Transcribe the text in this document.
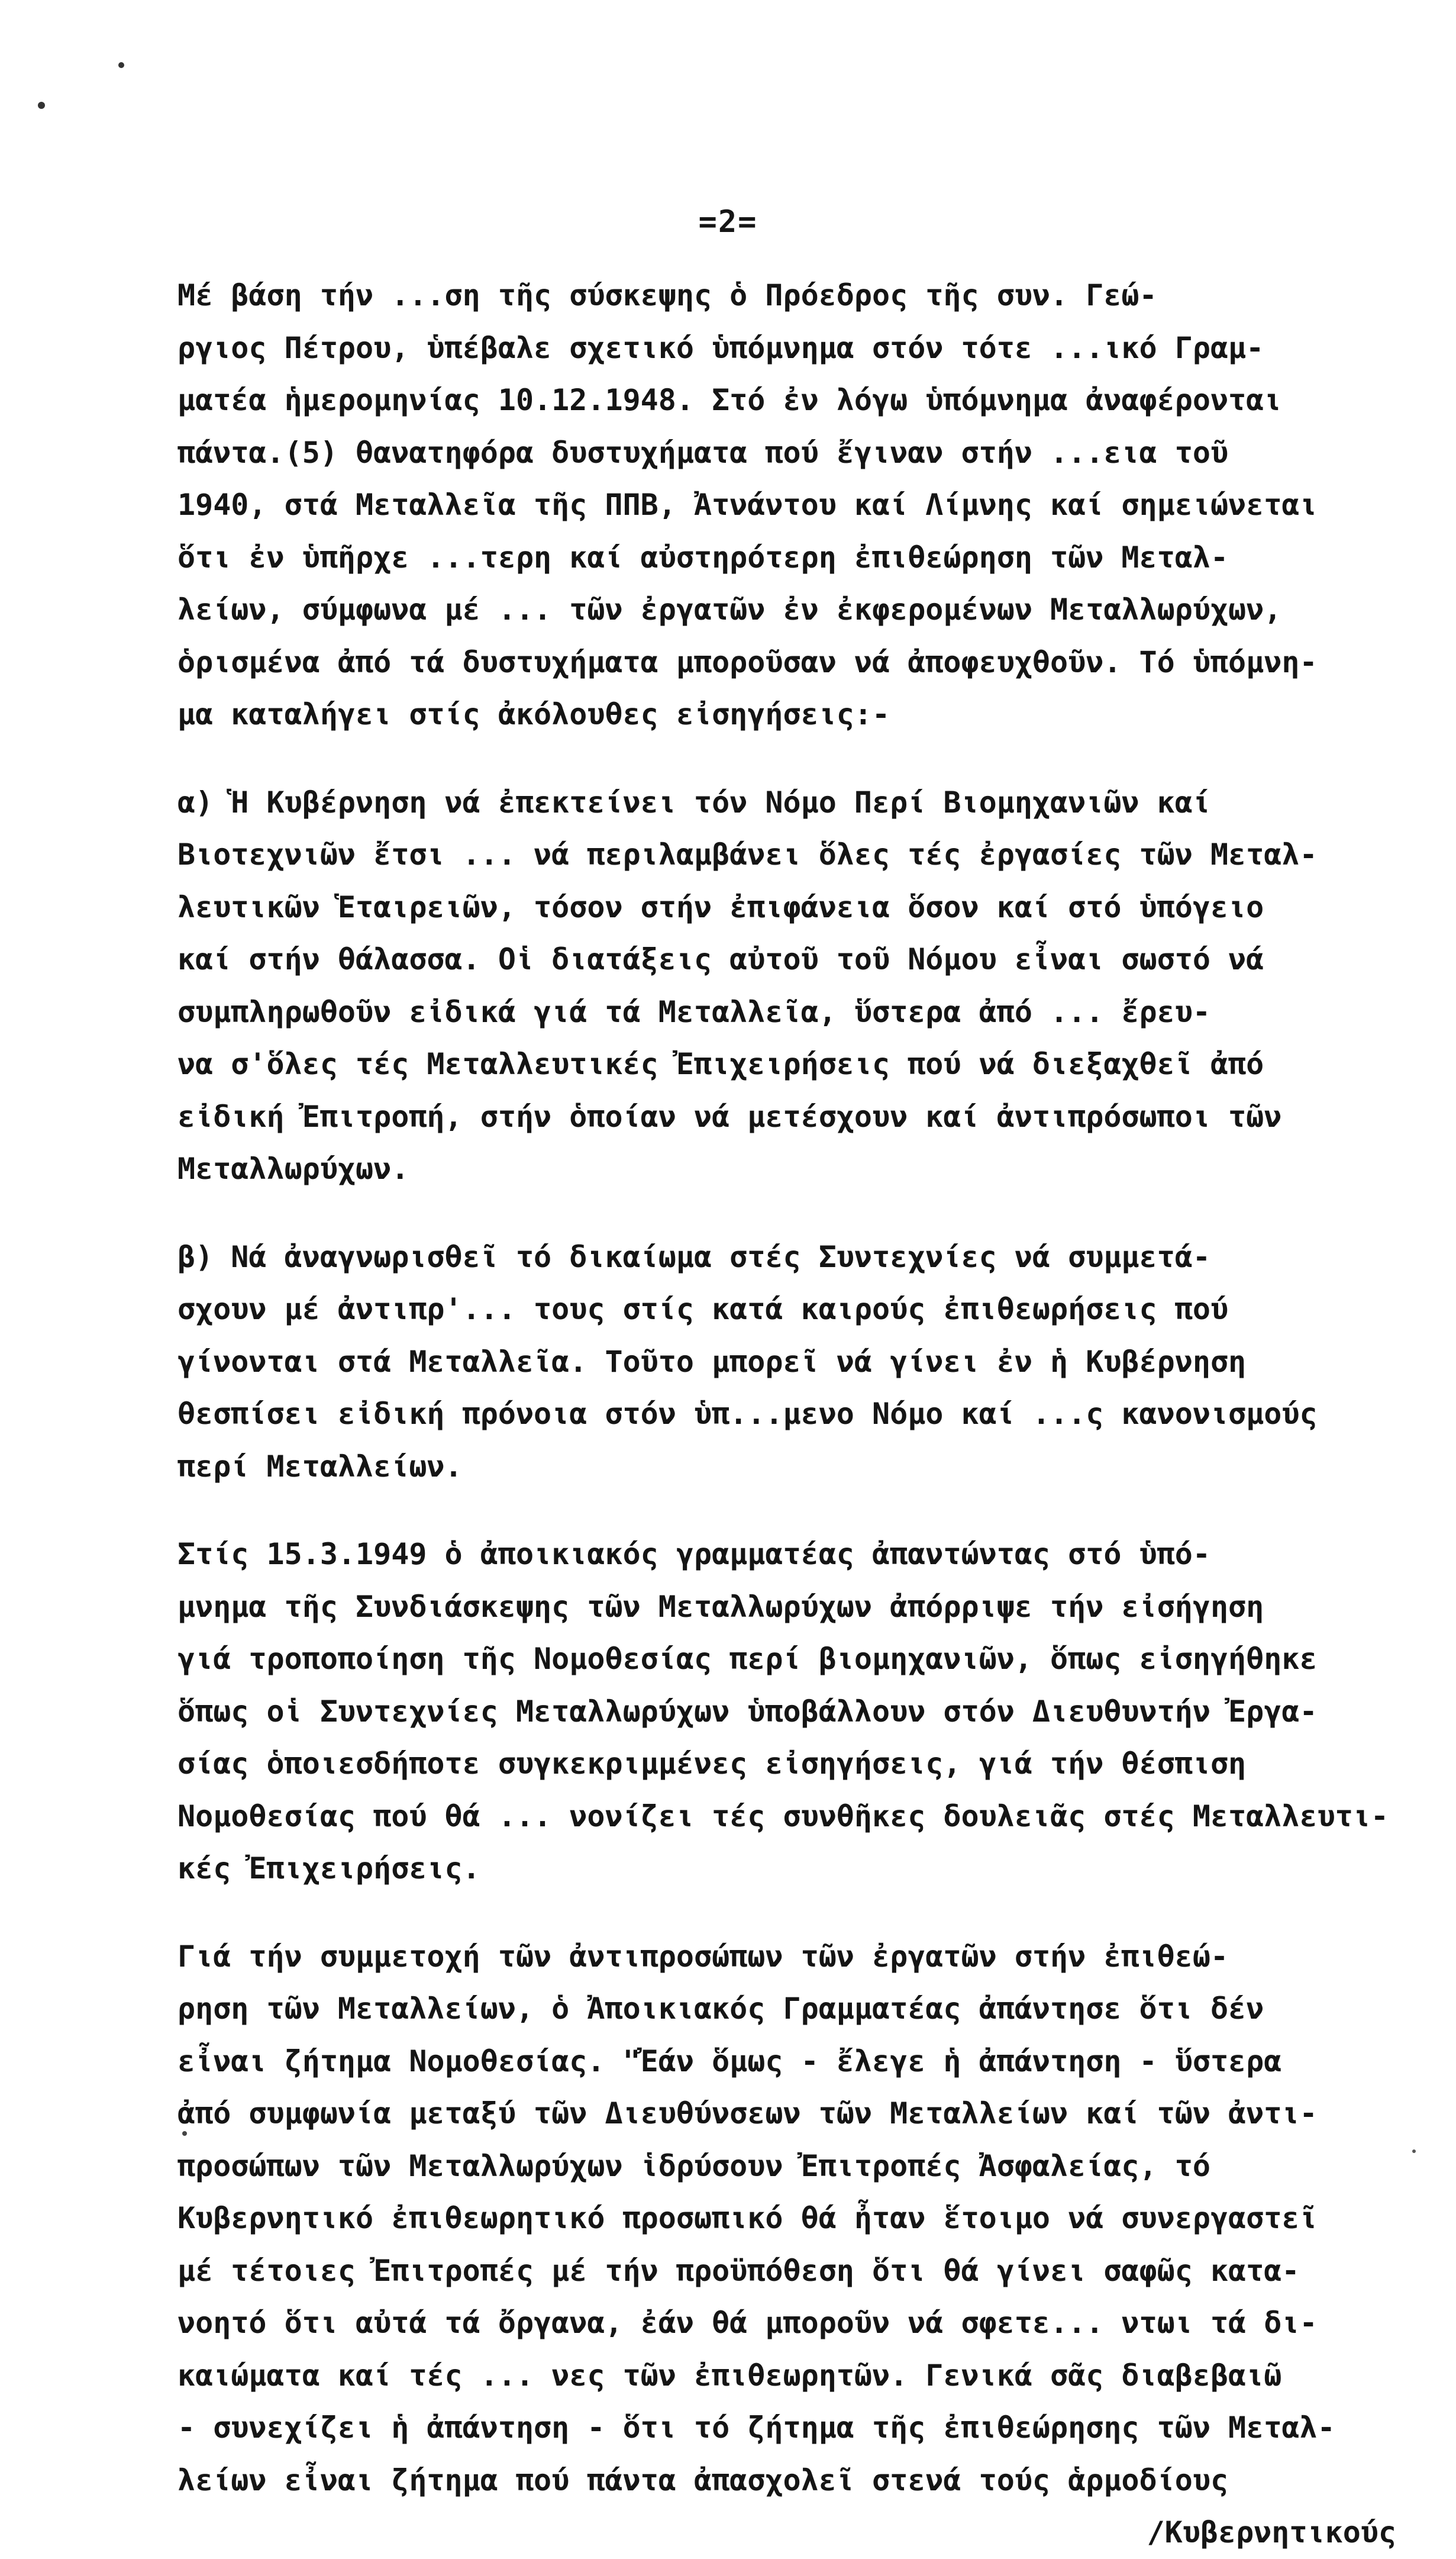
=2=
Μέ βάση τήν ...ση τῆς σύσκεψης ὁ Πρόεδρος τῆς συν. Γεώ-
ργιος Πέτρου, ὑπέβαλε σχετικό ὑπόμνημα στόν τότε ...ικό Γραμ-
ματέα ἡμερομηνίας 10.12.1948. Στό ἐν λόγω ὑπόμνημα ἀναφέρονται
πάντα.(5) θανατηφόρα δυστυχήματα πού ἔγιναν στήν ...εια τοῦ
1940, στά Μεταλλεῖα τῆς ΠΠΒ, Ἀτνάντου καί Λίμνης καί σημειώνεται
ὅτι ἐν ὑπῆρχε ...τερη καί αὐστηρότερη ἐπιθεώρηση τῶν Μεταλ-
λείων, σύμφωνα μέ ... τῶν ἐργατῶν ἐν ἐκφερομένων Μεταλλωρύχων,
ὁρισμένα ἀπό τά δυστυχήματα μποροῦσαν νά ἀποφευχθοῦν. Τό ὑπόμνη-
μα καταλήγει στίς ἀκόλουθες εἰσηγήσεις:-
α) Ἡ Κυβέρνηση νά ἐπεκτείνει τόν Νόμο Περί Βιομηχανιῶν καί
Βιοτεχνιῶν ἔτσι ... νά περιλαμβάνει ὅλες τές ἐργασίες τῶν Μεταλ-
λευτικῶν Ἑταιρειῶν, τόσον στήν ἐπιφάνεια ὅσον καί στό ὑπόγειο
καί στήν θάλασσα. Οἱ διατάξεις αὐτοῦ τοῦ Νόμου εἶναι σωστό νά
συμπληρωθοῦν εἰδικά γιά τά Μεταλλεῖα, ὕστερα ἀπό ... ἔρευ-
να σ'ὅλες τές Μεταλλευτικές Ἐπιχειρήσεις πού νά διεξαχθεῖ ἀπό
εἰδική Ἐπιτροπή, στήν ὁποίαν νά μετέσχουν καί ἀντιπρόσωποι τῶν
Μεταλλωρύχων.
β) Νά ἀναγνωρισθεῖ τό δικαίωμα στές Συντεχνίες νά συμμετά-
σχουν μέ ἀντιπρ'... τους στίς κατά καιρούς ἐπιθεωρήσεις πού
γίνονται στά Μεταλλεῖα. Τοῦτο μπορεῖ νά γίνει ἐν ἡ Κυβέρνηση
θεσπίσει εἰδική πρόνοια στόν ὑπ...μενο Νόμο καί ...ς κανονισμούς
περί Μεταλλείων.
Στίς 15.3.1949 ὁ ἀποικιακός γραμματέας ἀπαντώντας στό ὑπό-
μνημα τῆς Συνδιάσκεψης τῶν Μεταλλωρύχων ἀπόρριψε τήν εἰσήγηση
γιά τροποποίηση τῆς Νομοθεσίας περί βιομηχανιῶν, ὅπως εἰσηγήθηκε
ὅπως οἱ Συντεχνίες Μεταλλωρύχων ὑποβάλλουν στόν Διευθυντήν Ἐργα-
σίας ὁποιεσδήποτε συγκεκριμμένες εἰσηγήσεις, γιά τήν θέσπιση
Νομοθεσίας πού θά ... νονίζει τές συνθῆκες δουλειᾶς στές Μεταλλευτι-
κές Ἐπιχειρήσεις.
Γιά τήν συμμετοχή τῶν ἀντιπροσώπων τῶν ἐργατῶν στήν ἐπιθεώ-
ρηση τῶν Μεταλλείων, ὁ Ἀποικιακός Γραμματέας ἀπάντησε ὅτι δέν
εἶναι ζήτημα Νομοθεσίας. "Ἐάν ὅμως - ἔλεγε ἡ ἀπάντηση - ὕστερα
ἀπό συμφωνία μεταξύ τῶν Διευθύνσεων τῶν Μεταλλείων καί τῶν ἀντι-
προσώπων τῶν Μεταλλωρύχων ἱδρύσουν Ἐπιτροπές Ἀσφαλείας, τό
Κυβερνητικό ἐπιθεωρητικό προσωπικό θά ἦταν ἕτοιμο νά συνεργαστεῖ
μέ τέτοιες Ἐπιτροπές μέ τήν προϋπόθεση ὅτι θά γίνει σαφῶς κατα-
νοητό ὅτι αὐτά τά ὄργανα, ἐάν θά μποροῦν νά σφετε... ντωι τά δι-
καιώματα καί τές ... νες τῶν ἐπιθεωρητῶν. Γενικά σᾶς διαβεβαιῶ
- συνεχίζει ἡ ἀπάντηση - ὅτι τό ζήτημα τῆς ἐπιθεώρησης τῶν Μεταλ-
λείων εἶναι ζήτημα πού πάντα ἀπασχολεῖ στενά τούς ἁρμοδίους
/Κυβερνητικούς
